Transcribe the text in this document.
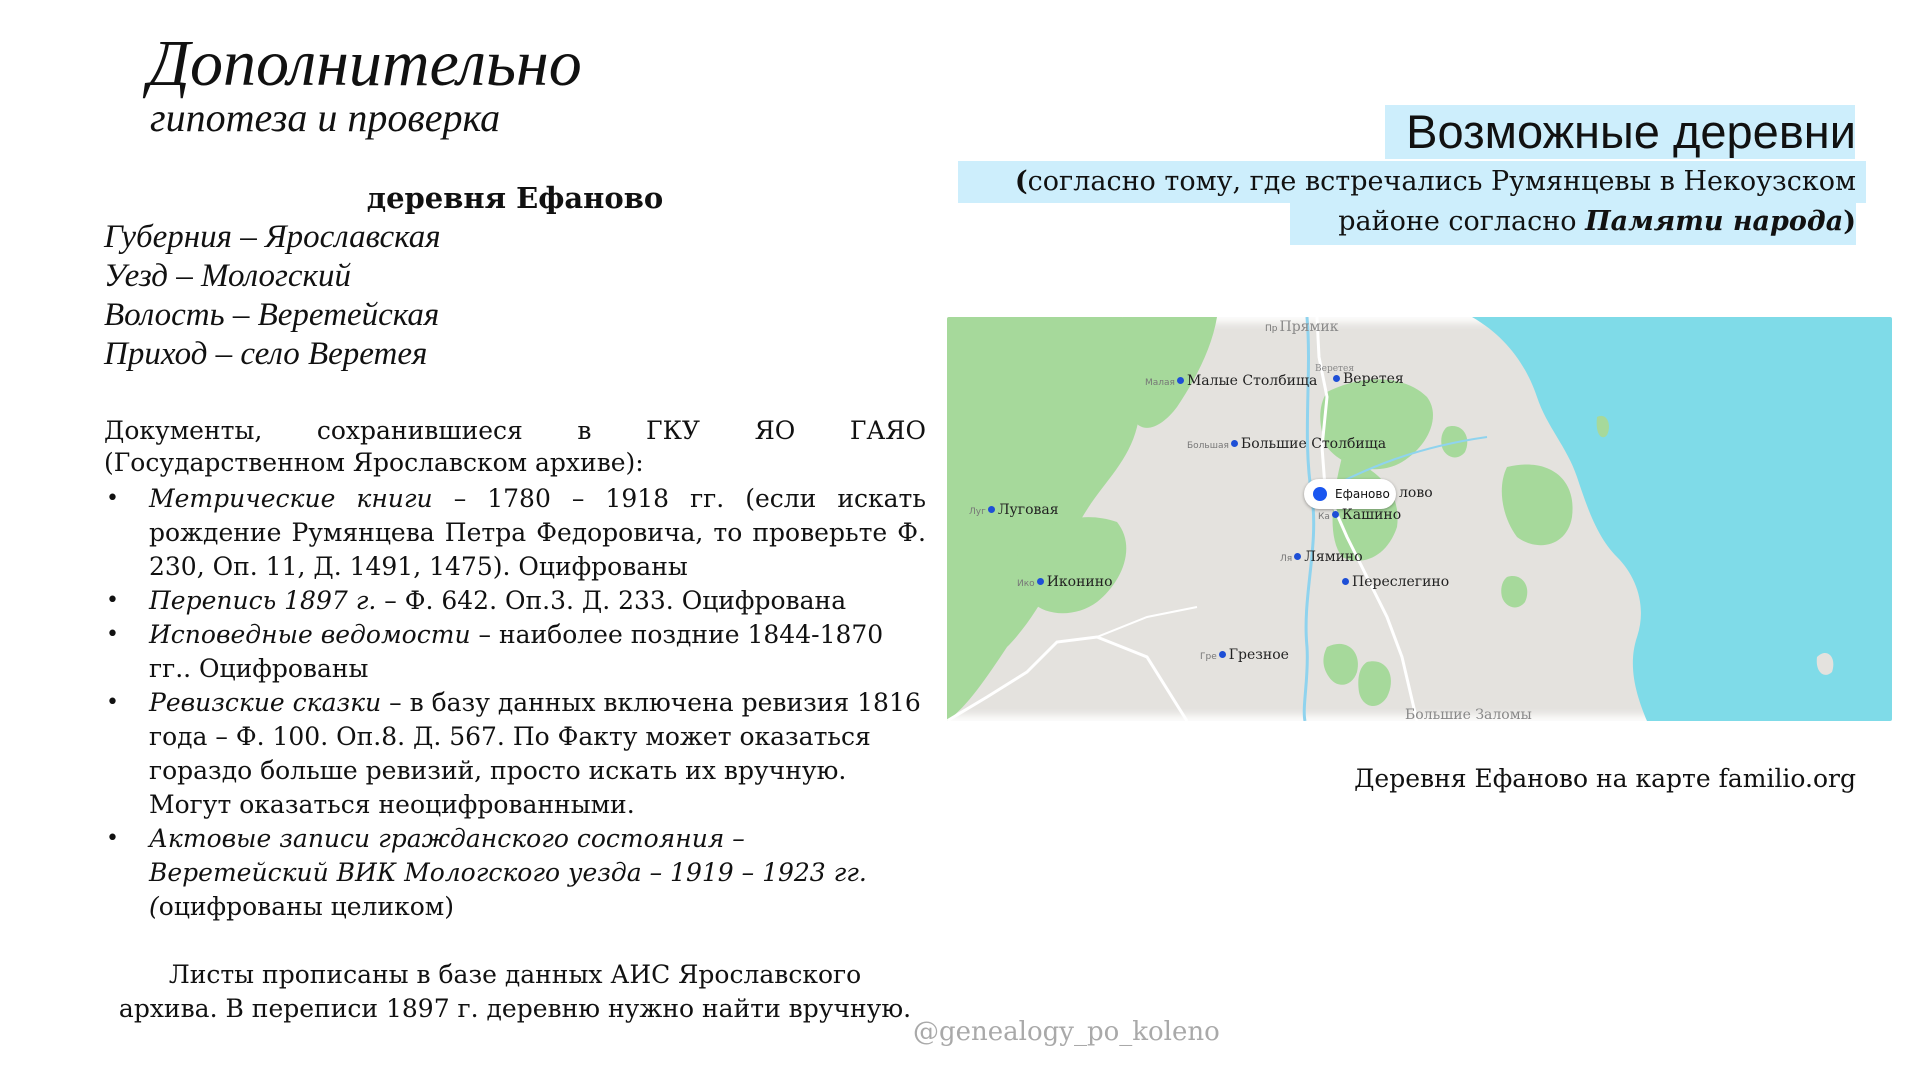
Дополнительно
гипотеза и проверка
деревня Ефаново
Губерния – Ярославская
Уезд – Мологский
Волость – Веретейская
Приход – село Веретея
Документы, сохранившиеся в ГКУ ЯО ГАЯО
(Государственном Ярославском архиве):
• Метрические книги – 1780 – 1918 гг. (если искать рождение Румянцева Петра Федоровича, то проверьте Ф. 230, Оп. 11, Д. 1491, 1475). Оцифрованы
• Перепись 1897 г. – Ф. 642. Оп.3. Д. 233. Оцифрована
• Исповедные ведомости – наиболее поздние 1844-1870 гг.. Оцифрованы
• Ревизские сказки – в базу данных включена ревизия 1816 года – Ф. 100. Оп.8. Д. 567. По Факту может оказаться гораздо больше ревизий, просто искать их вручную. Могут оказаться неоцифрованными.
• Актовые записи гражданского состояния – Веретейский ВИК Мологского уезда – 1919 – 1923 гг. (оцифрованы целиком)
Листы прописаны в базе данных АИС Ярославского
архива. В переписи 1897 г. деревню нужно найти вручную.
@genealogy_po_koleno
Возможные деревни
(согласно тому, где встречались Румянцевы в Некоузском
районе согласно Памяти народа)
Пр Прямик
Веретея
Малая Малые Столбища	Веретея
Большая Большие Столбища
Ефаново лово
Луг Луговая	Ка Кашино
Ля Лямино
Ико Иконино	Переслегино
Гре Грезное
Большие Заломы
Деревня Ефаново на карте familio.org
